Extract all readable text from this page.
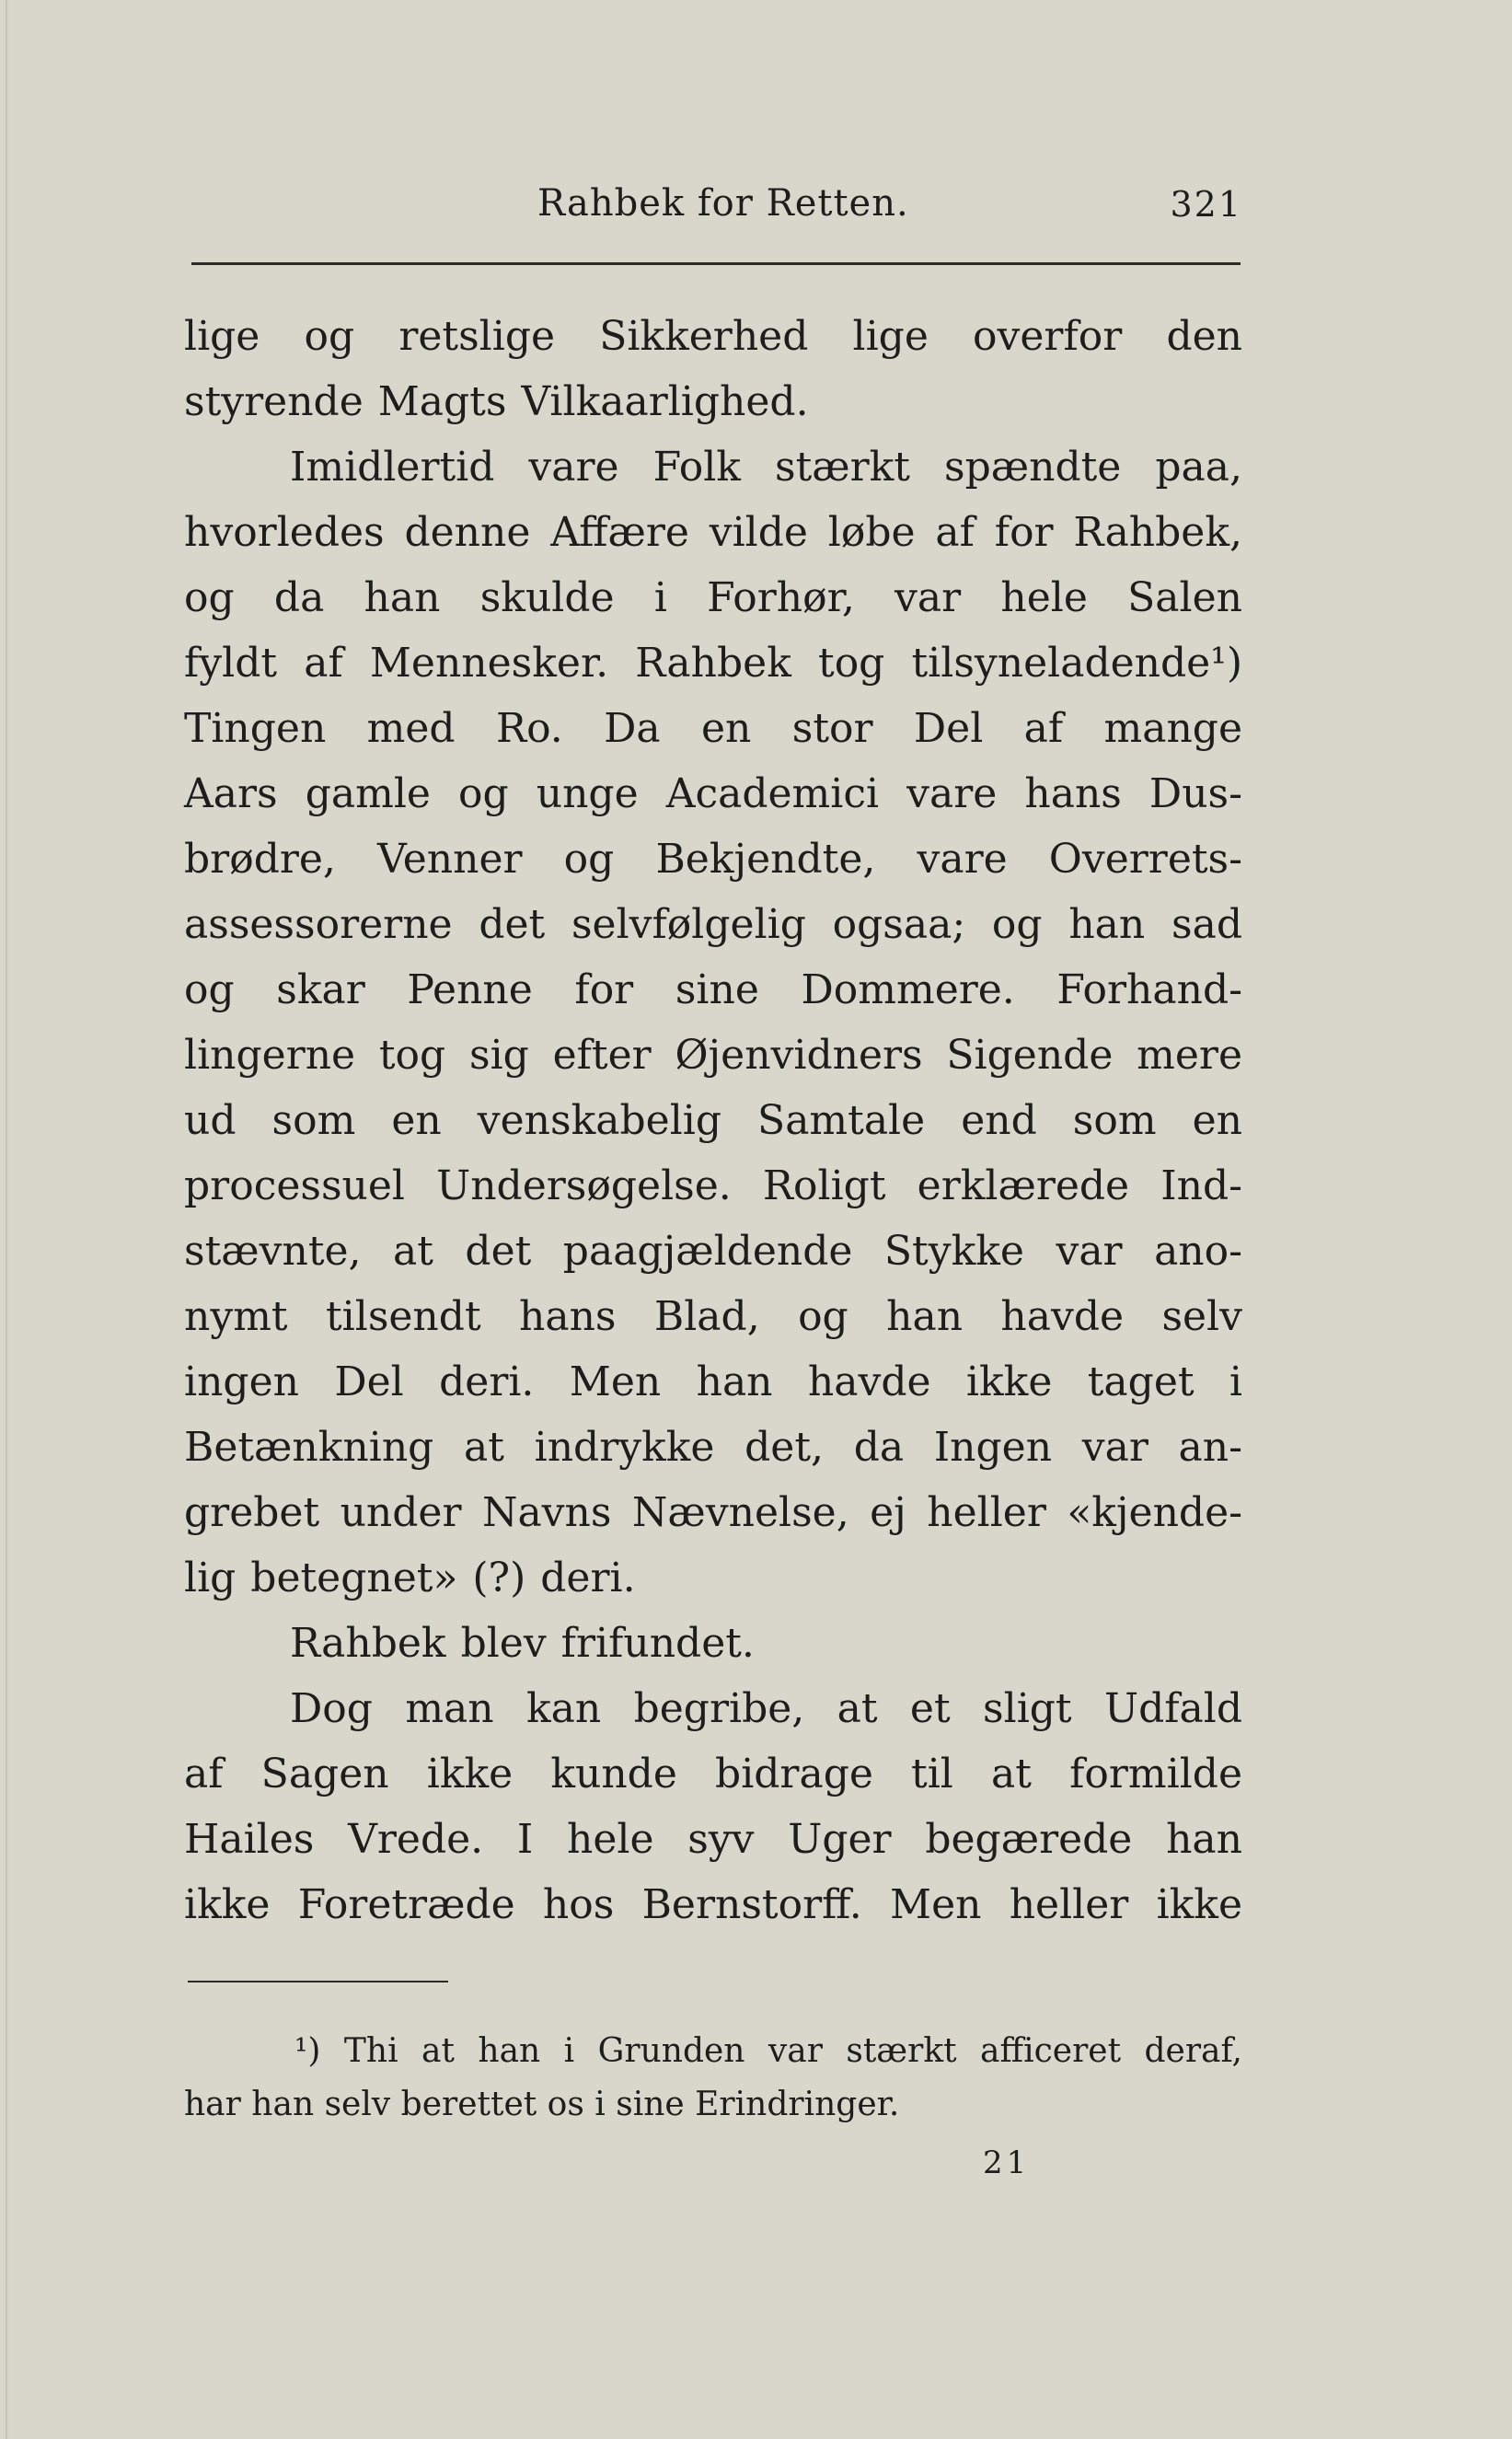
Rahbek for Retten.	321
lige og retslige Sikkerhed lige overfor den
styrende Magts Vilkaarlighed.
Imidlertid vare Folk stærkt spændte paa,
hvorledes denne Affære vilde løbe af for Rahbek,
og da han skulde i Forhør, var hele Salen
fyldt af Mennesker. Rahbek tog tilsyneladende¹)
Tingen med Ro. Da en stor Del af mange
Aars gamle og unge Academici vare hans Dus-
brødre, Venner og Bekjendte, vare Overrets-
assessorerne det selvfølgelig ogsaa; og han sad
og skar Penne for sine Dommere. Forhand-
lingerne tog sig efter Øjenvidners Sigende mere
ud som en venskabelig Samtale end som en
processuel Undersøgelse. Roligt erklærede Ind-
stævnte, at det paagjældende Stykke var ano-
nymt tilsendt hans Blad, og han havde selv
ingen Del deri. Men han havde ikke taget i
Betænkning at indrykke det, da Ingen var an-
grebet under Navns Nævnelse, ej heller «kjende-
lig betegnet» (?) deri.
Rahbek blev frifundet.
Dog man kan begribe, at et sligt Udfald
af Sagen ikke kunde bidrage til at formilde
Hailes Vrede. I hele syv Uger begærede han
ikke Foretræde hos Bernstorff. Men heller ikke
¹) Thi at han i Grunden var stærkt afficeret deraf,
har han selv berettet os i sine Erindringer.
21
